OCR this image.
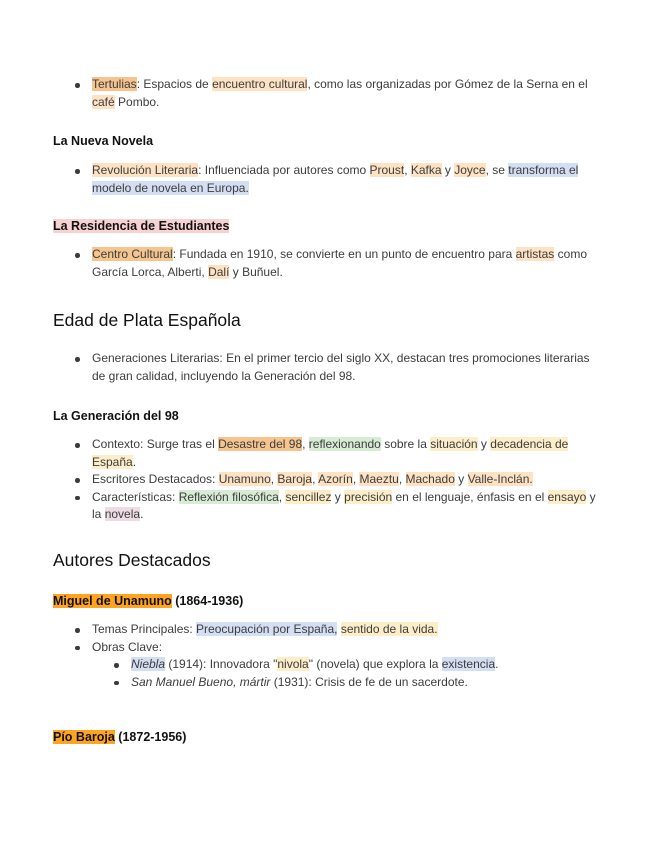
Tertulias: Espacios de encuentro cultural, como las organizadas por Gómez de la Serna en el café Pombo.

La Nueva Novela

Revolución Literaria: Influenciada por autores como Proust, Kafka y Joyce, se transforma el modelo de novela en Europa.

La Residencia de Estudiantes

Centro Cultural: Fundada en 1910, se convierte en un punto de encuentro para artistas como García Lorca, Alberti, Dalí y Buñuel.

Edad de Plata Española

Generaciones Literarias: En el primer tercio del siglo XX, destacan tres promociones literarias de gran calidad, incluyendo la Generación del 98.

La Generación del 98

Contexto: Surge tras el Desastre del 98, reflexionando sobre la situación y decadencia de España.
Escritores Destacados: Unamuno, Baroja, Azorín, Maeztu, Machado y Valle-Inclán.
Características: Reflexión filosófica, sencillez y precisión en el lenguaje, énfasis en el ensayo y la novela.

Autores Destacados

Miguel de Unamuno (1864-1936)

Temas Principales: Preocupación por España, sentido de la vida.
Obras Clave:
Niebla (1914): Innovadora "nivola" (novela) que explora la existencia.
San Manuel Bueno, mártir (1931): Crisis de fe de un sacerdote.

Pío Baroja (1872-1956)
